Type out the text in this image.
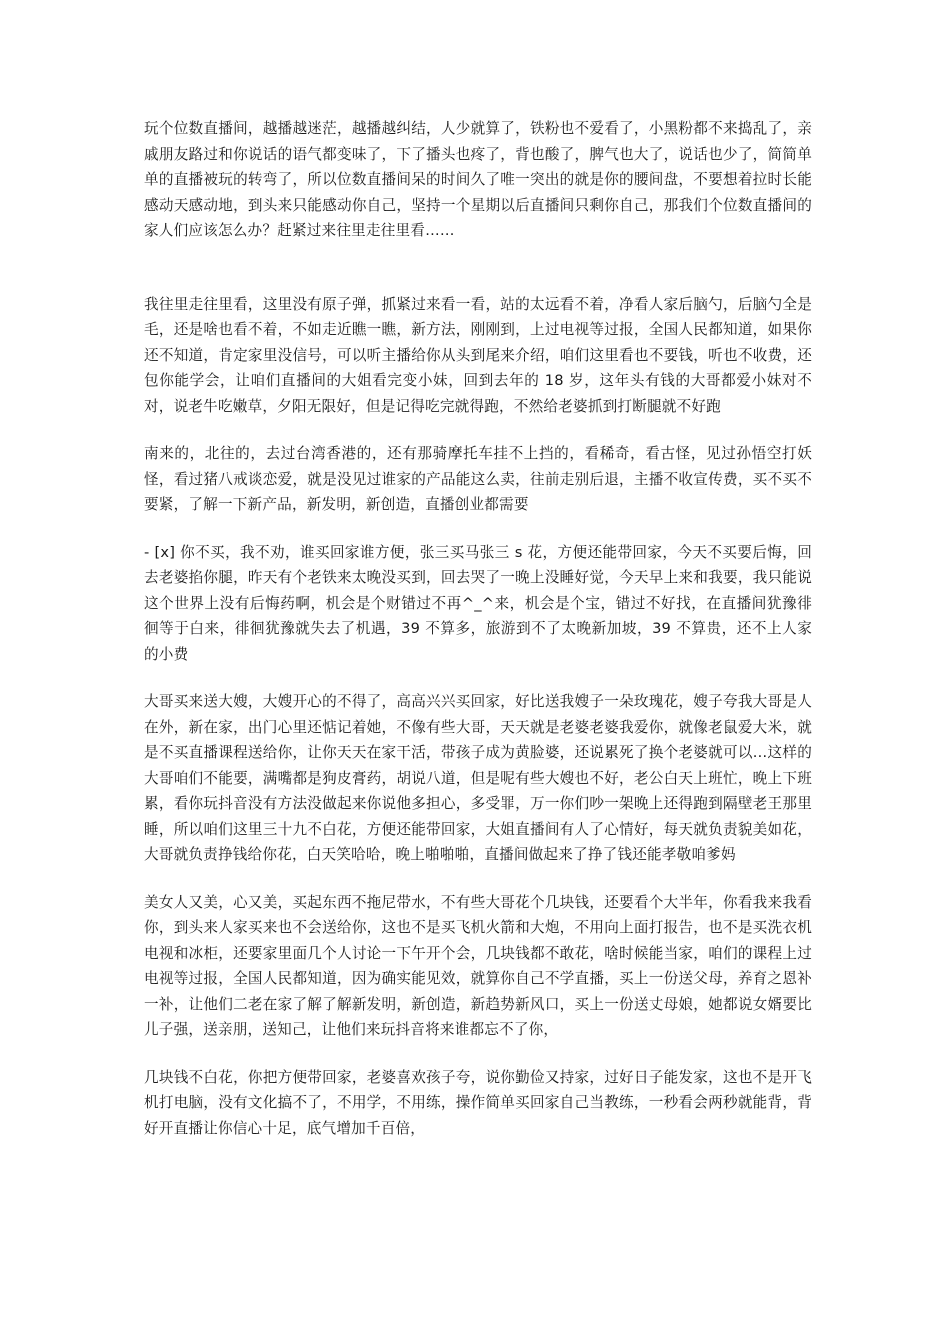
玩个位数直播间，越播越迷茫，越播越纠结，人少就算了，铁粉也不爱看了，小黑粉都不来捣乱了，亲戚朋友路过和你说话的语气都变味了，下了播头也疼了，背也酸了，脾气也大了，说话也少了，简简单单的直播被玩的转弯了，所以位数直播间呆的时间久了唯一突出的就是你的腰间盘，不要想着拉时长能感动天感动地，到头来只能感动你自己，坚持一个星期以后直播间只剩你自己，那我们个位数直播间的家人们应该怎么办？赶紧过来往里走往里看……

我往里走往里看，这里没有原子弹，抓紧过来看一看，站的太远看不着，净看人家后脑勺，后脑勺全是毛，还是啥也看不着，不如走近瞧一瞧，新方法，刚刚到，上过电视等过报，全国人民都知道，如果你还不知道，肯定家里没信号，可以听主播给你从头到尾来介绍，咱们这里看也不要钱，听也不收费，还包你能学会，让咱们直播间的大姐看完变小妹，回到去年的 18 岁，这年头有钱的大哥都爱小妹对不对，说老牛吃嫩草，夕阳无限好，但是记得吃完就得跑，不然给老婆抓到打断腿就不好跑

南来的，北往的，去过台湾香港的，还有那骑摩托车挂不上挡的，看稀奇，看古怪，见过孙悟空打妖怪，看过猪八戒谈恋爱，就是没见过谁家的产品能这么卖，往前走别后退，主播不收宣传费，买不买不要紧，了解一下新产品，新发明，新创造，直播创业都需要

- [x] 你不买，我不劝，谁买回家谁方便，张三买马张三 s 花，方便还能带回家，今天不买要后悔，回去老婆掐你腿，昨天有个老铁来太晚没买到，回去哭了一晚上没睡好觉，今天早上来和我要，我只能说这个世界上没有后悔药啊，机会是个财错过不再^_^来，机会是个宝，错过不好找，在直播间犹豫徘徊等于白来，徘徊犹豫就失去了机遇，39 不算多，旅游到不了太晚新加坡，39 不算贵，还不上人家的小费

大哥买来送大嫂，大嫂开心的不得了，高高兴兴买回家，好比送我嫂子一朵玫瑰花，嫂子夸我大哥是人在外，新在家，出门心里还惦记着她，不像有些大哥，天天就是老婆老婆我爱你，就像老鼠爱大米，就是不买直播课程送给你，让你天天在家干活，带孩子成为黄脸婆，还说累死了换个老婆就可以…这样的大哥咱们不能要，满嘴都是狗皮膏药，胡说八道，但是呢有些大嫂也不好，老公白天上班忙，晚上下班累，看你玩抖音没有方法没做起来你说他多担心，多受罪，万一你们吵一架晚上还得跑到隔壁老王那里睡，所以咱们这里三十九不白花，方便还能带回家，大姐直播间有人了心情好，每天就负责貌美如花，大哥就负责挣钱给你花，白天笑哈哈，晚上啪啪啪，直播间做起来了挣了钱还能孝敬咱爹妈

美女人又美，心又美，买起东西不拖尼带水，不有些大哥花个几块钱，还要看个大半年，你看我来我看你，到头来人家买来也不会送给你，这也不是买飞机火箭和大炮，不用向上面打报告，也不是买洗衣机电视和冰柜，还要家里面几个人讨论一下午开个会，几块钱都不敢花，啥时候能当家，咱们的课程上过电视等过报，全国人民都知道，因为确实能见效，就算你自己不学直播，买上一份送父母，养育之恩补一补，让他们二老在家了解了解新发明，新创造，新趋势新风口，买上一份送丈母娘，她都说女婿要比儿子强，送亲朋，送知己，让他们来玩抖音将来谁都忘不了你，

几块钱不白花，你把方便带回家，老婆喜欢孩子夸，说你勤俭又持家，过好日子能发家，这也不是开飞机打电脑，没有文化搞不了，不用学，不用练，操作简单买回家自己当教练，一秒看会两秒就能背，背好开直播让你信心十足，底气增加千百倍，
